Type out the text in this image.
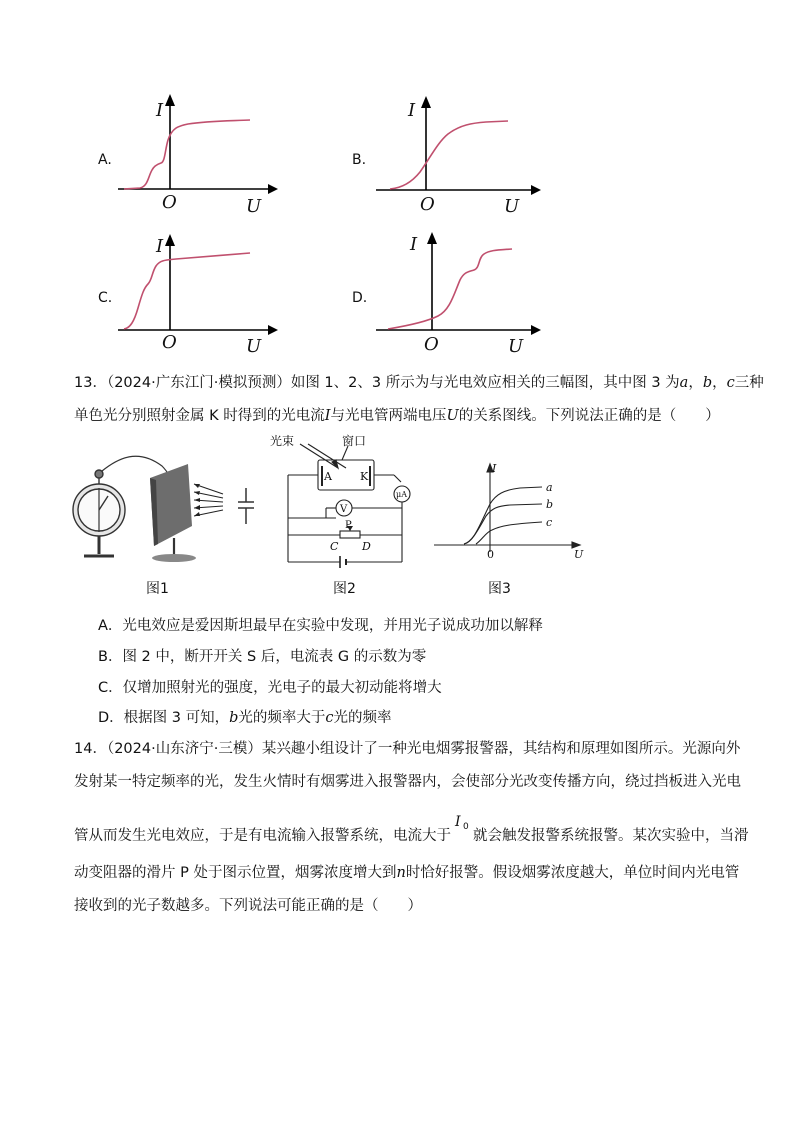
A.
I
O	U
B.
I
O	U
C.
I
O	U
D.
I
O	U
13．（2024·广东江门·模拟预测）如图 1、2、3 所示为与光电效应相关的三幅图，其中图 3 为a，b，c三种
单色光分别照射金属 K 时得到的光电流I与光电管两端电压U的关系图线。下列说法正确的是（　　）
图1
光束	窗口
A	K
V
μA
P
C D
图2
I
0	U
a
b
c
图3
A．光电效应是爱因斯坦最早在实验中发现，并用光子说成功加以解释
B．图 2 中，断开开关 S 后，电流表 G 的示数为零
C．仅增加照射光的强度，光电子的最大初动能将增大
D．根据图 3 可知，b光的频率大于c光的频率
14．（2024·山东济宁·三模）某兴趣小组设计了一种光电烟雾报警器，其结构和原理如图所示。光源向外
发射某一特定频率的光，发生火情时有烟雾进入报警器内，会使部分光改变传播方向，绕过挡板进入光电
管从而发生光电效应，于是有电流输入报警系统，电流大于
I 0
就会触发报警系统报警。某次实验中，当滑
动变阻器的滑片 P 处于图示位置，烟雾浓度增大到n时恰好报警。假设烟雾浓度越大，单位时间内光电管
接收到的光子数越多。下列说法可能正确的是（　　）
